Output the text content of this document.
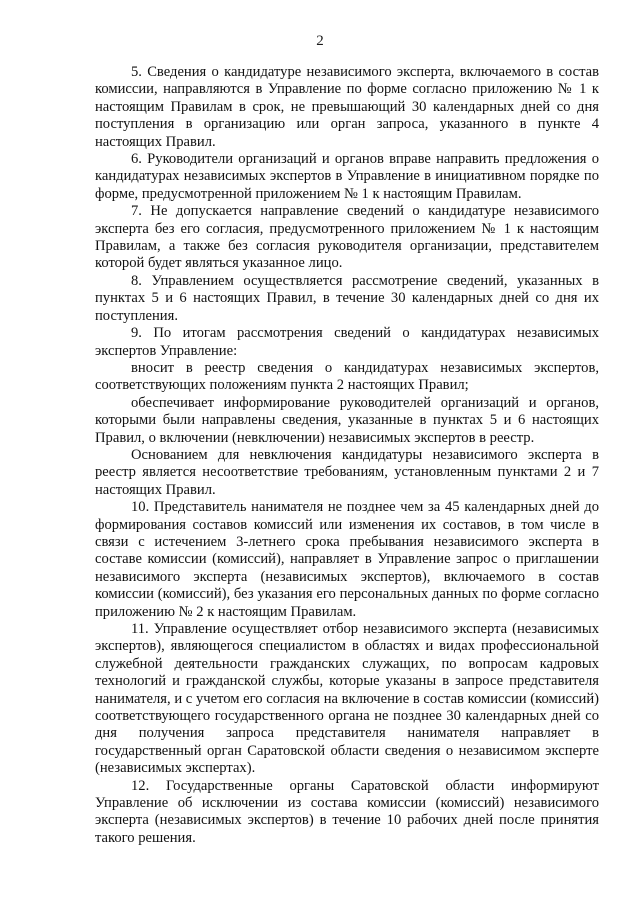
2

5. Сведения о кандидатуре независимого эксперта, включаемого в состав комиссии, направляются в Управление по форме согласно приложению № 1 к настоящим Правилам в срок, не превышающий 30 календарных дней со дня поступления в организацию или орган запроса, указанного в пункте 4 настоящих Правил.

6. Руководители организаций и органов вправе направить предложения о кандидатурах независимых экспертов в Управление в инициативном порядке по форме, предусмотренной приложением № 1 к настоящим Правилам.

7. Не допускается направление сведений о кандидатуре независимого эксперта без его согласия, предусмотренного приложением № 1 к настоящим Правилам, а также без согласия руководителя организации, представителем которой будет являться указанное лицо.

8. Управлением осуществляется рассмотрение сведений, указанных в пунктах 5 и 6 настоящих Правил, в течение 30 календарных дней со дня их поступления.

9. По итогам рассмотрения сведений о кандидатурах независимых экспертов Управление:

вносит в реестр сведения о кандидатурах независимых экспертов, соответствующих положениям пункта 2 настоящих Правил;

обеспечивает информирование руководителей организаций и органов, которыми были направлены сведения, указанные в пунктах 5 и 6 настоящих Правил, о включении (невключении) независимых экспертов в реестр.

Основанием для невключения кандидатуры независимого эксперта в реестр является несоответствие требованиям, установленным пунктами 2 и 7 настоящих Правил.

10. Представитель нанимателя не позднее чем за 45 календарных дней до формирования составов комиссий или изменения их составов, в том числе в связи с истечением 3-летнего срока пребывания независимого эксперта в составе комиссии (комиссий), направляет в Управление запрос о приглашении независимого эксперта (независимых экспертов), включаемого в состав комиссии (комиссий), без указания его персональных данных по форме согласно приложению № 2 к настоящим Правилам.

11. Управление осуществляет отбор независимого эксперта (независимых экспертов), являющегося специалистом в областях и видах профессиональной служебной деятельности гражданских служащих, по вопросам кадровых технологий и гражданской службы, которые указаны в запросе представителя нанимателя, и с учетом его согласия на включение в состав комиссии (комиссий) соответствующего государственного органа не позднее 30 календарных дней со дня получения запроса представителя нанимателя направляет в государственный орган Саратовской области сведения о независимом эксперте (независимых экспертах).

12. Государственные органы Саратовской области информируют Управление об исключении из состава комиссии (комиссий) независимого эксперта (независимых экспертов) в течение 10 рабочих дней после принятия такого решения.
